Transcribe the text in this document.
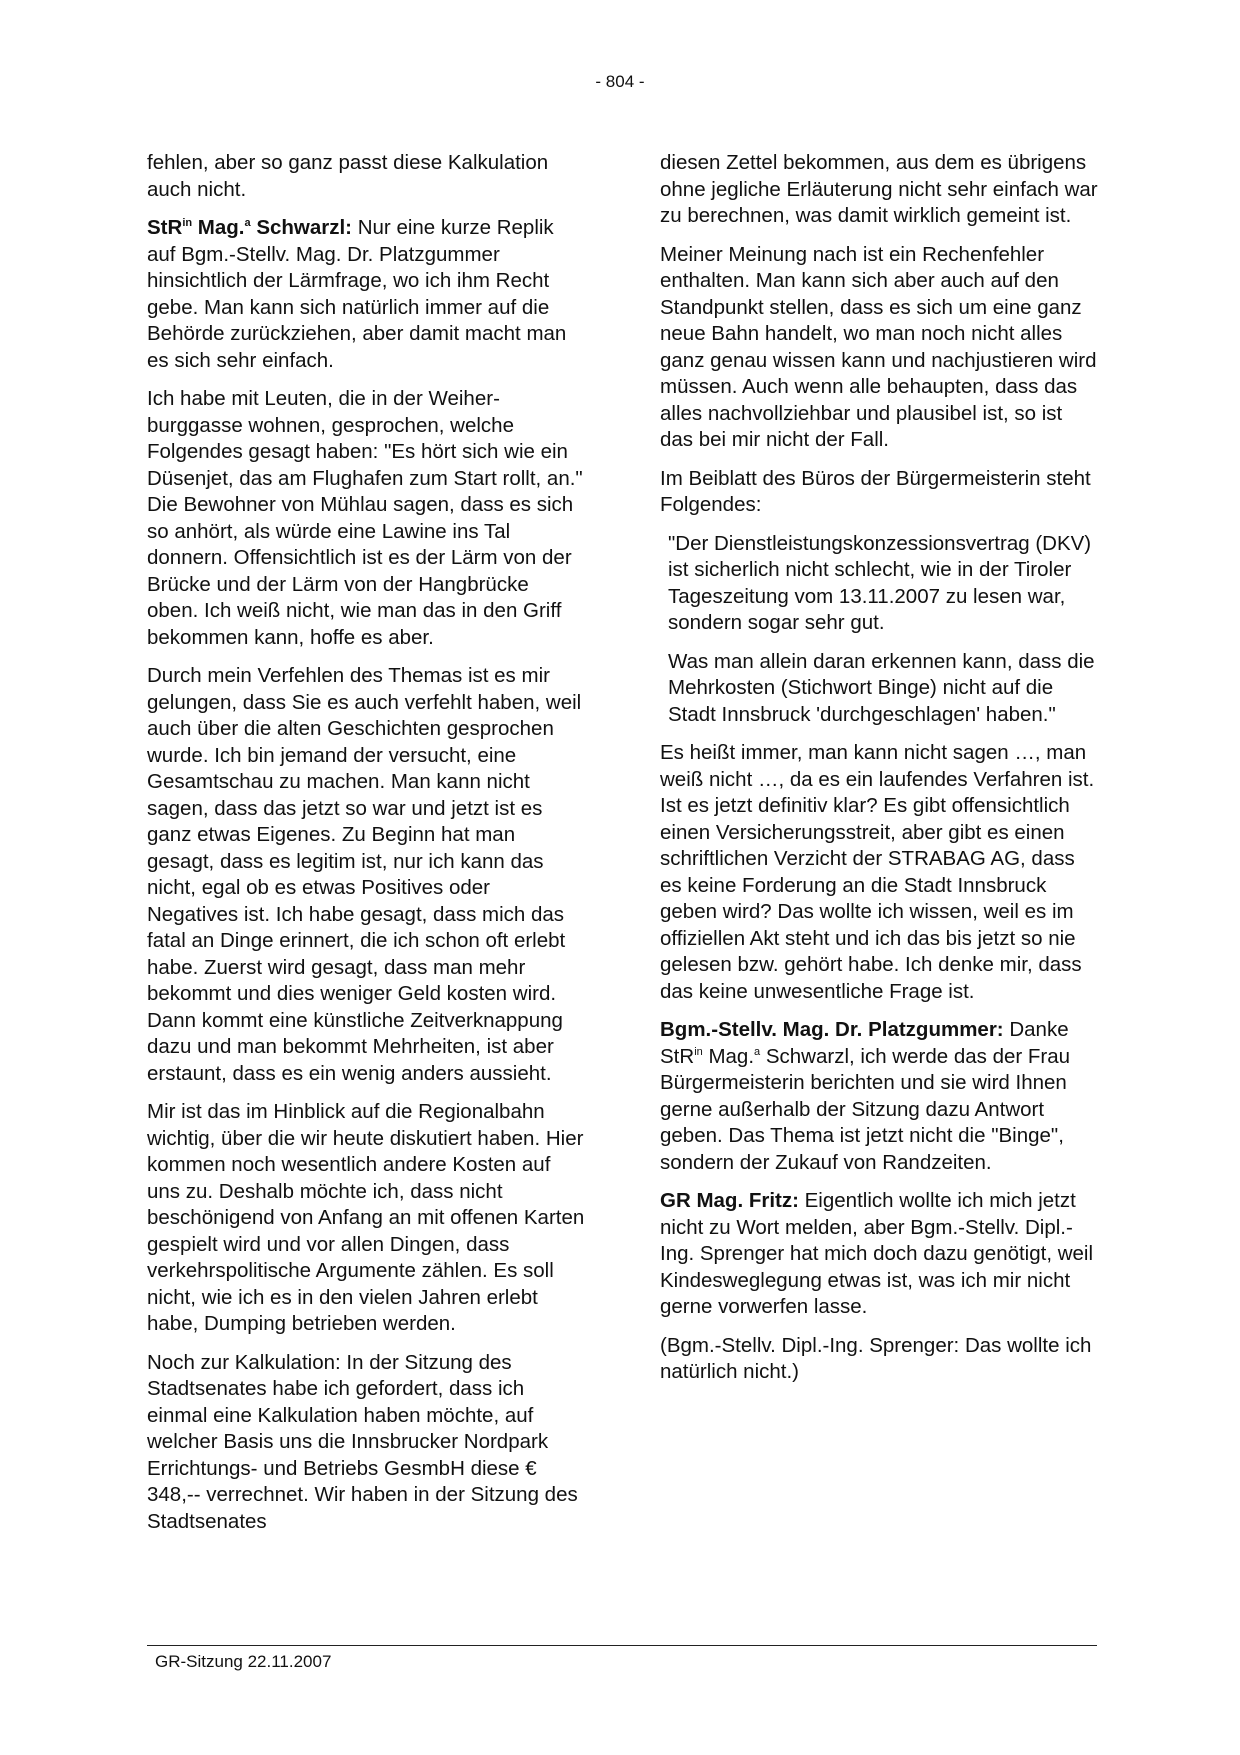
- 804 -

fehlen, aber so ganz passt diese Kalkulation auch nicht.

StR$^{in}$ Mag.$^a$ Schwarzl: Nur eine kurze Replik auf Bgm.-Stellv. Mag. Dr. Platzgummer hinsichtlich der Lärmfrage, wo ich ihm Recht gebe. Man kann sich natürlich immer auf die Behörde zurückziehen, aber damit macht man es sich sehr einfach.

Ich habe mit Leuten, die in der Weiherburggasse wohnen, gesprochen, welche Folgendes gesagt haben: "Es hört sich wie ein Düsenjet, das am Flughafen zum Start rollt, an." Die Bewohner von Mühlau sagen, dass es sich so anhört, als würde eine Lawine ins Tal donnern. Offensichtlich ist es der Lärm von der Brücke und der Lärm von der Hangbrücke oben. Ich weiß nicht, wie man das in den Griff bekommen kann, hoffe es aber.

Durch mein Verfehlen des Themas ist es mir gelungen, dass Sie es auch verfehlt haben, weil auch über die alten Geschichten gesprochen wurde. Ich bin jemand der versucht, eine Gesamtschau zu machen. Man kann nicht sagen, dass das jetzt so war und jetzt ist es ganz etwas Eigenes. Zu Beginn hat man gesagt, dass es legitim ist, nur ich kann das nicht, egal ob es etwas Positives oder Negatives ist. Ich habe gesagt, dass mich das fatal an Dinge erinnert, die ich schon oft erlebt habe. Zuerst wird gesagt, dass man mehr bekommt und dies weniger Geld kosten wird. Dann kommt eine künstliche Zeitverknappung dazu und man bekommt Mehrheiten, ist aber erstaunt, dass es ein wenig anders aussieht.

Mir ist das im Hinblick auf die Regionalbahn wichtig, über die wir heute diskutiert haben. Hier kommen noch wesentlich andere Kosten auf uns zu. Deshalb möchte ich, dass nicht beschönigend von Anfang an mit offenen Karten gespielt wird und vor allen Dingen, dass verkehrspolitische Argumente zählen. Es soll nicht, wie ich es in den vielen Jahren erlebt habe, Dumping betrieben werden.

Noch zur Kalkulation: In der Sitzung des Stadtsenates habe ich gefordert, dass ich einmal eine Kalkulation haben möchte, auf welcher Basis uns die Innsbrucker Nordpark Errichtungs- und Betriebs GesmbH diese € 348,-- verrechnet. Wir haben in der Sitzung des Stadtsenates

diesen Zettel bekommen, aus dem es übrigens ohne jegliche Erläuterung nicht sehr einfach war zu berechnen, was damit wirklich gemeint ist.

Meiner Meinung nach ist ein Rechenfehler enthalten. Man kann sich aber auch auf den Standpunkt stellen, dass es sich um eine ganz neue Bahn handelt, wo man noch nicht alles ganz genau wissen kann und nachjustieren wird müssen. Auch wenn alle behaupten, dass das alles nachvollziehbar und plausibel ist, so ist das bei mir nicht der Fall.

Im Beiblatt des Büros der Bürgermeisterin steht Folgendes:

"Der Dienstleistungskonzessionsvertrag (DKV) ist sicherlich nicht schlecht, wie in der Tiroler Tageszeitung vom 13.11.2007 zu lesen war, sondern sogar sehr gut.

Was man allein daran erkennen kann, dass die Mehrkosten (Stichwort Binge) nicht auf die Stadt Innsbruck 'durchgeschlagen' haben."

Es heißt immer, man kann nicht sagen …, man weiß nicht …, da es ein laufendes Verfahren ist. Ist es jetzt definitiv klar? Es gibt offensichtlich einen Versicherungsstreit, aber gibt es einen schriftlichen Verzicht der STRABAG AG, dass es keine Forderung an die Stadt Innsbruck geben wird? Das wollte ich wissen, weil es im offiziellen Akt steht und ich das bis jetzt so nie gelesen bzw. gehört habe. Ich denke mir, dass das keine unwesentliche Frage ist.

Bgm.-Stellv. Mag. Dr. Platzgummer: Danke StR$^{in}$ Mag.$^a$ Schwarzl, ich werde das der Frau Bürgermeisterin berichten und sie wird Ihnen gerne außerhalb der Sitzung dazu Antwort geben. Das Thema ist jetzt nicht die "Binge", sondern der Zukauf von Randzeiten.

GR Mag. Fritz: Eigentlich wollte ich mich jetzt nicht zu Wort melden, aber Bgm.-Stellv. Dipl.-Ing. Sprenger hat mich doch dazu genötigt, weil Kindesweglegung etwas ist, was ich mir nicht gerne vorwerfen lasse.

(Bgm.-Stellv. Dipl.-Ing. Sprenger: Das wollte ich natürlich nicht.)

GR-Sitzung 22.11.2007
